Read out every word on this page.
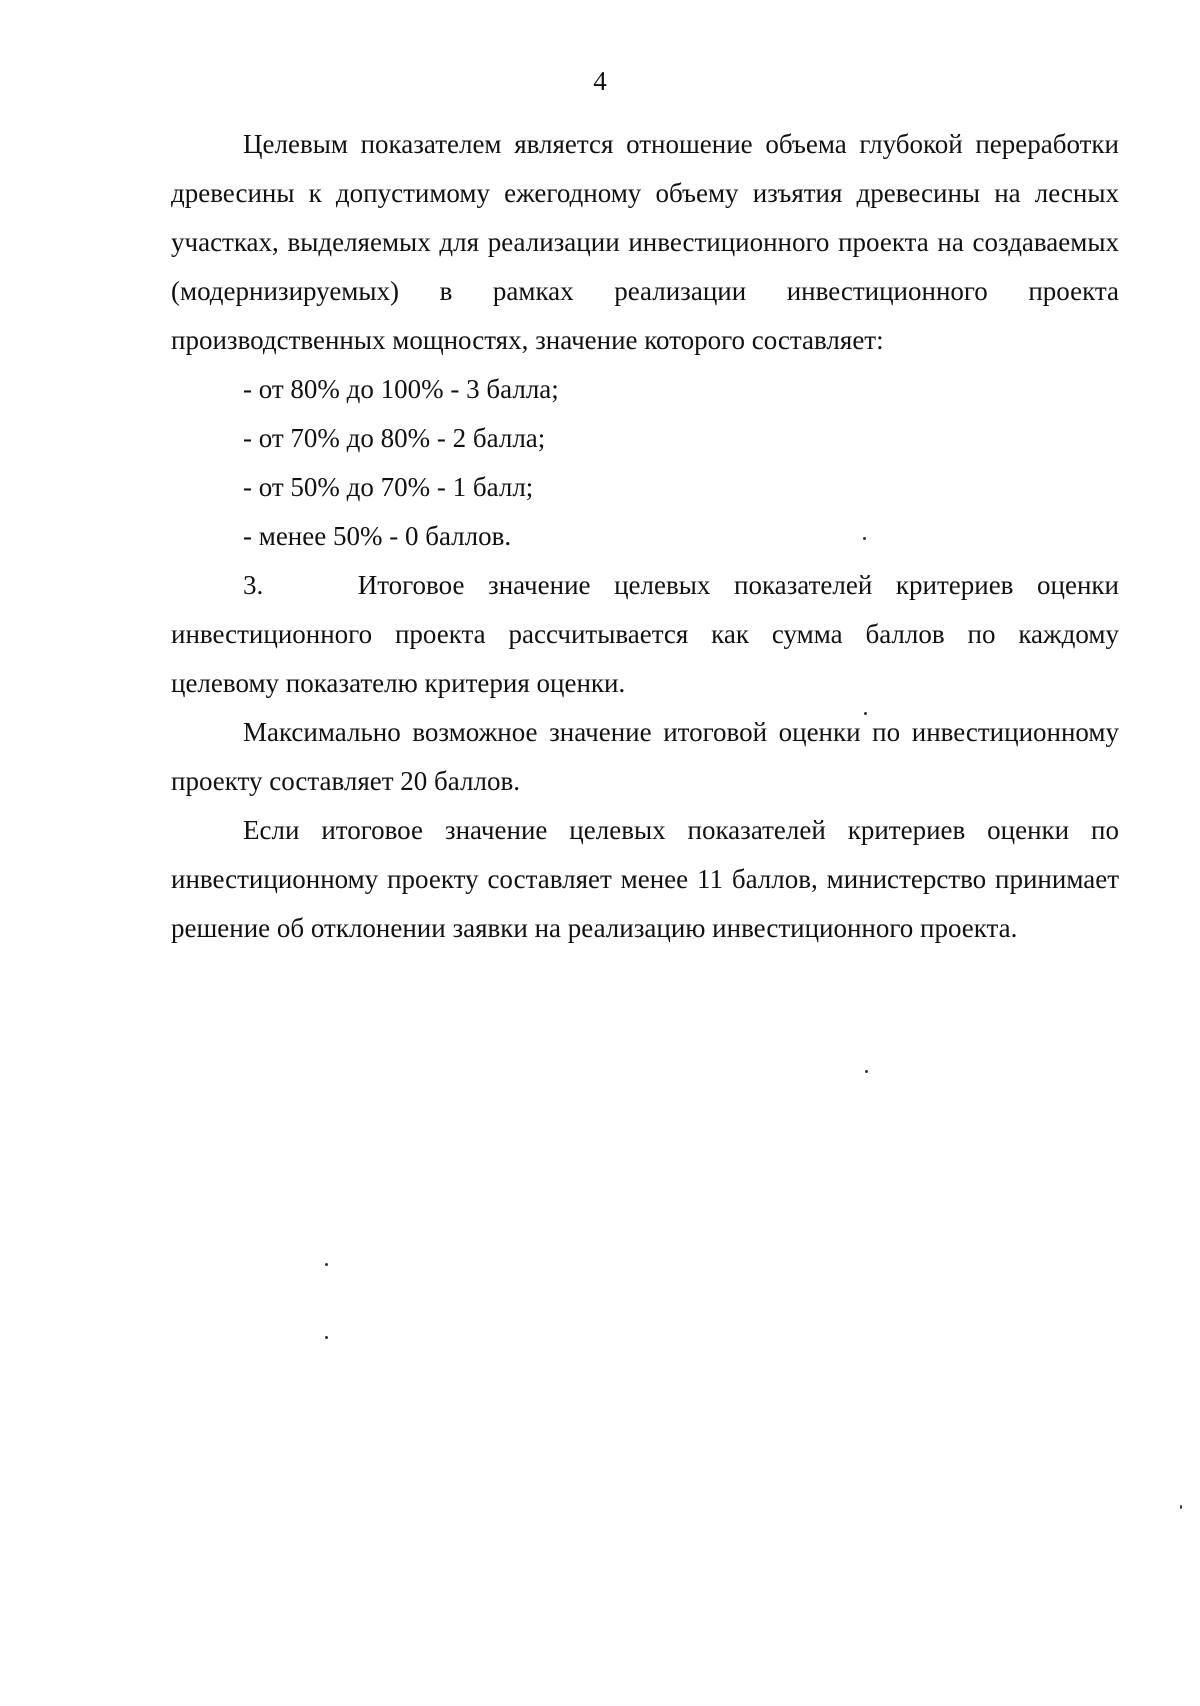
4

Целевым показателем является отношение объема глубокой переработки древесины к допустимому ежегодному объему изъятия древесины на лесных участках, выделяемых для реализации инвестиционного проекта на создаваемых (модернизируемых) в рамках реализации инвестиционного проекта производственных мощностях, значение которого составляет:

- от 80% до 100% - 3 балла;

- от 70% до 80% - 2 балла;

- от 50% до 70% - 1 балл;

- менее 50% - 0 баллов.

3.    Итоговое значение целевых показателей критериев оценки инвестиционного проекта рассчитывается как сумма баллов по каждому целевому показателю критерия оценки.

Максимально возможное значение итоговой оценки по инвестиционному проекту составляет 20 баллов.

Если итоговое значение целевых показателей критериев оценки по инвестиционному проекту составляет менее 11 баллов, министерство принимает решение об отклонении заявки на реализацию инвестиционного проекта.
